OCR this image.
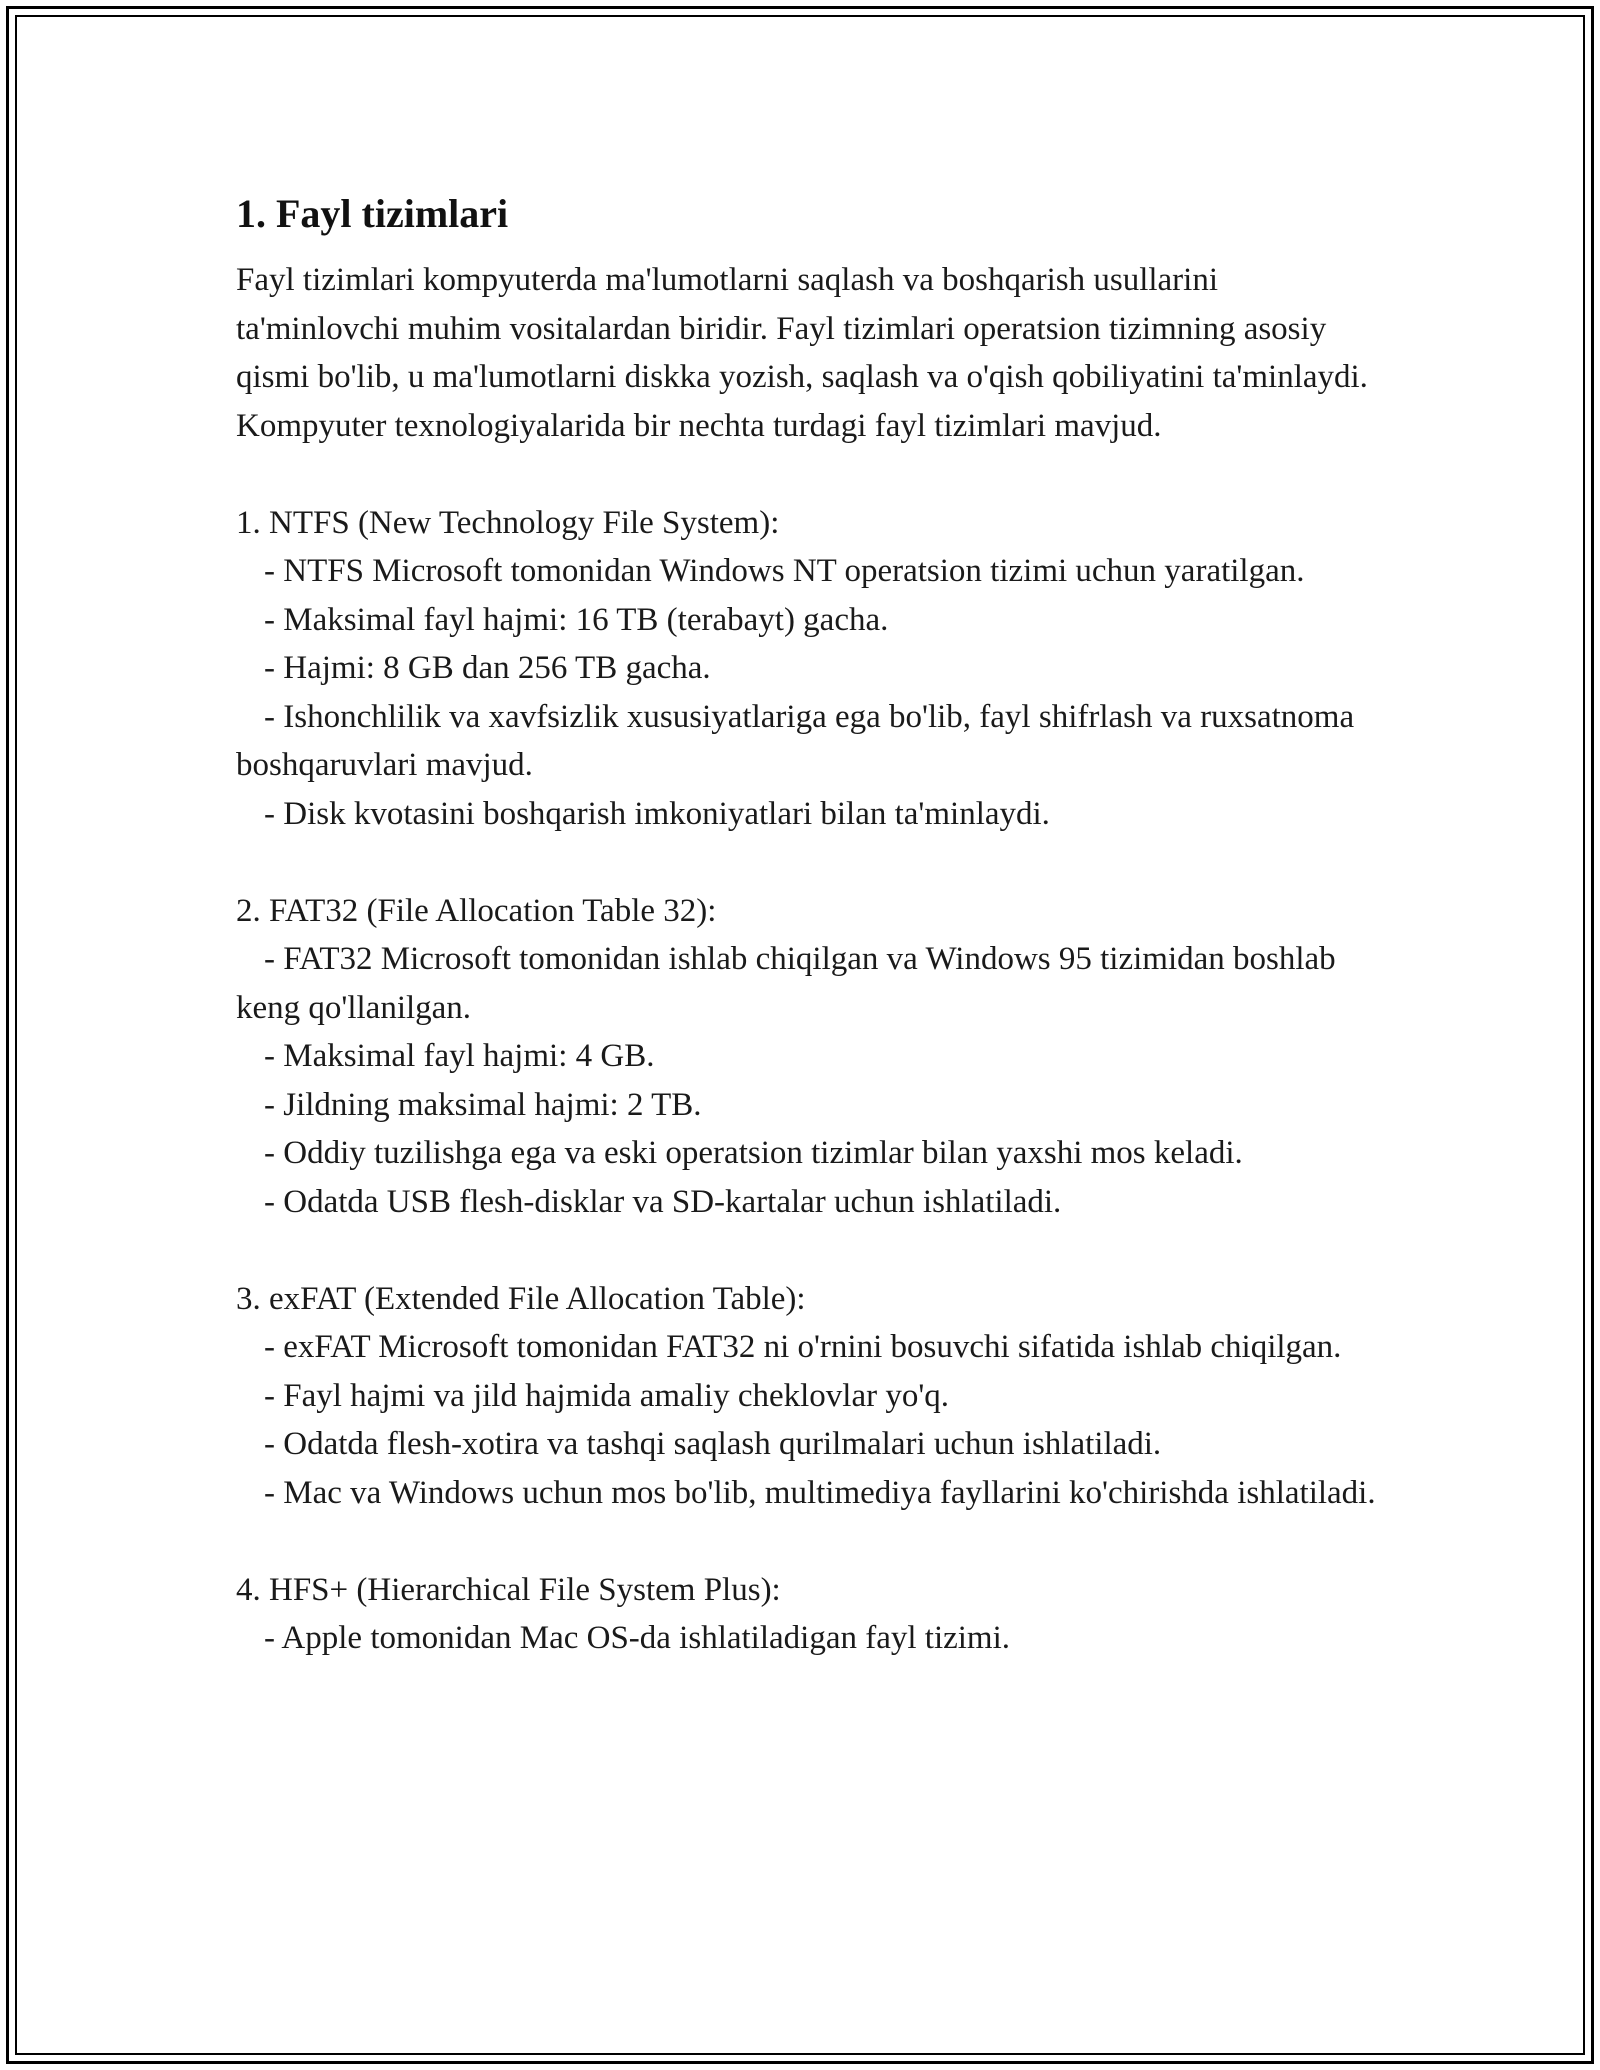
1. Fayl tizimlari

Fayl tizimlari kompyuterda ma'lumotlarni saqlash va boshqarish usullarini ta'minlovchi muhim vositalardan biridir. Fayl tizimlari operatsion tizimning asosiy qismi bo'lib, u ma'lumotlarni diskka yozish, saqlash va o'qish qobiliyatini ta'minlaydi. Kompyuter texnologiyalarida bir nechta turdagi fayl tizimlari mavjud.

1. NTFS (New Technology File System):

- NTFS Microsoft tomonidan Windows NT operatsion tizimi uchun yaratilgan.
- Maksimal fayl hajmi: 16 TB (terabayt) gacha.
- Hajmi: 8 GB dan 256 TB gacha.
- Ishonchlilik va xavfsizlik xususiyatlariga ega bo'lib, fayl shifrlash va ruxsatnoma boshqaruvlari mavjud.
- Disk kvotasini boshqarish imkoniyatlari bilan ta'minlaydi.

2. FAT32 (File Allocation Table 32):

- FAT32 Microsoft tomonidan ishlab chiqilgan va Windows 95 tizimidan boshlab keng qo'llanilgan.
- Maksimal fayl hajmi: 4 GB.
- Jildning maksimal hajmi: 2 TB.
- Oddiy tuzilishga ega va eski operatsion tizimlar bilan yaxshi mos keladi.
- Odatda USB flesh-disklar va SD-kartalar uchun ishlatiladi.

3. exFAT (Extended File Allocation Table):

- exFAT Microsoft tomonidan FAT32 ni o'rnini bosuvchi sifatida ishlab chiqilgan.
- Fayl hajmi va jild hajmida amaliy cheklovlar yo'q.
- Odatda flesh-xotira va tashqi saqlash qurilmalari uchun ishlatiladi.
- Mac va Windows uchun mos bo'lib, multimediya fayllarini ko'chirishda ishlatiladi.

4. HFS+ (Hierarchical File System Plus):

- Apple tomonidan Mac OS-da ishlatiladigan fayl tizimi.
